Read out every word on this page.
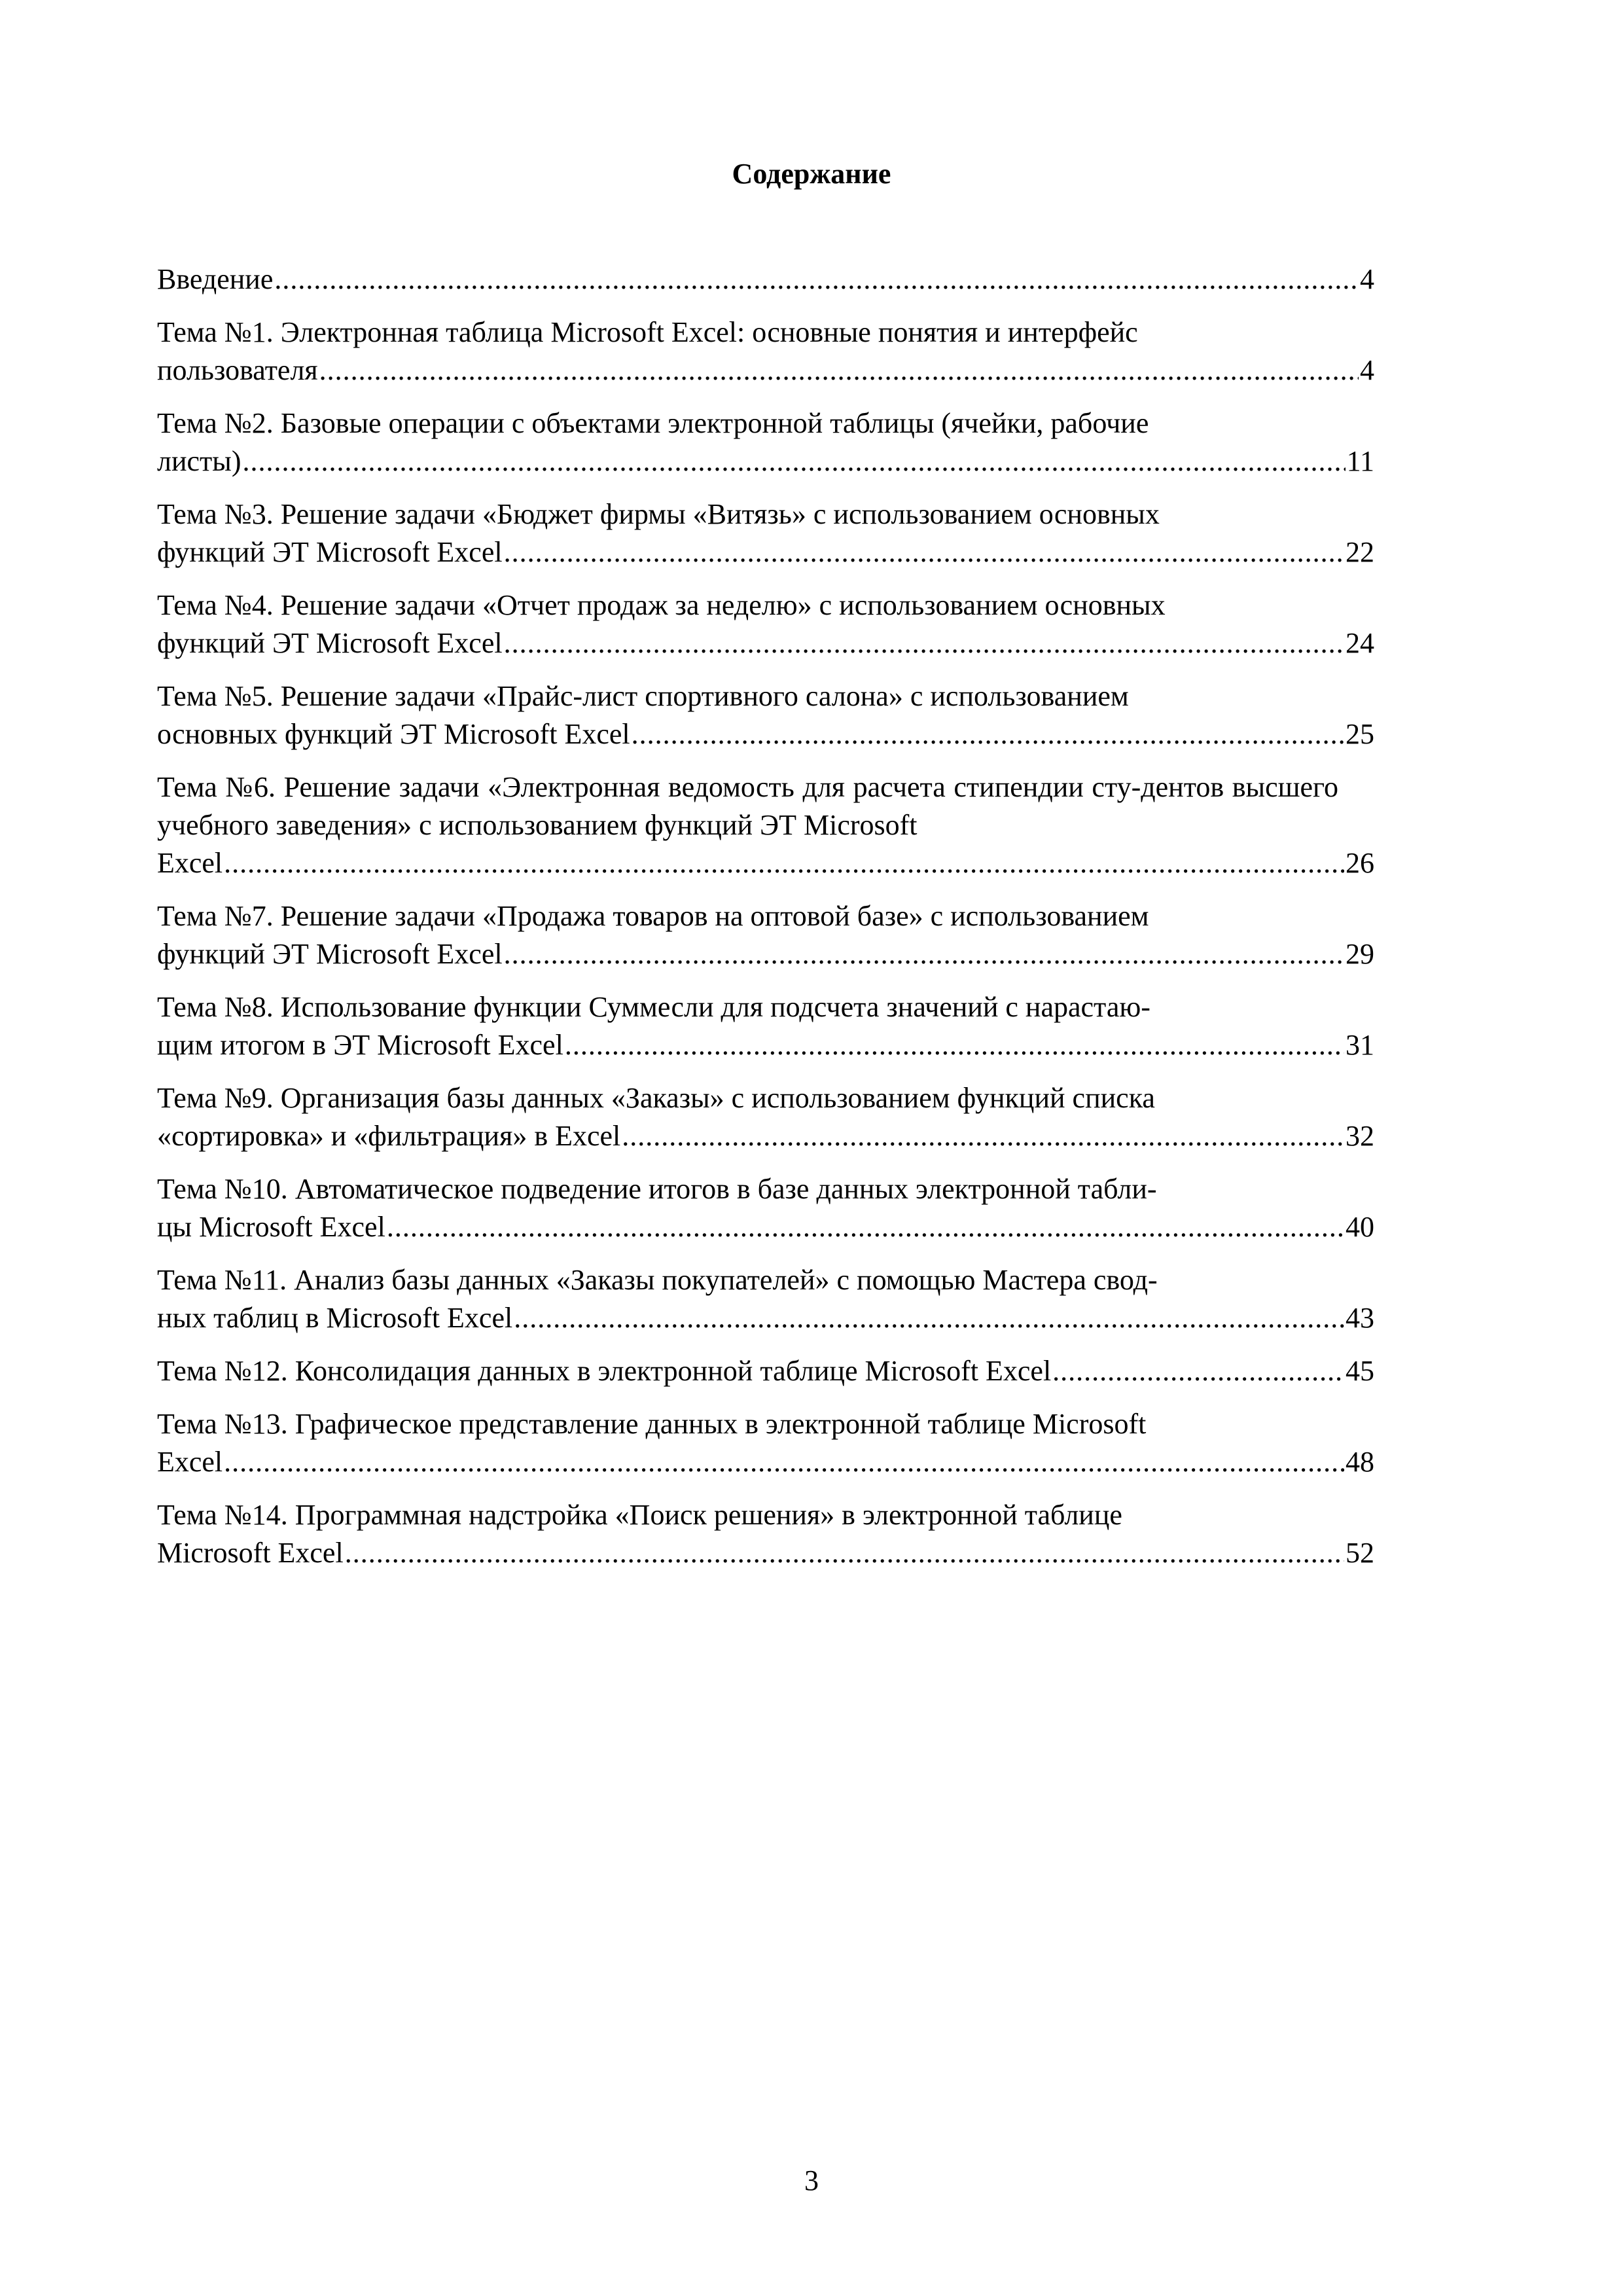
Содержание
Введение .....	4
Тема №1. Электронная таблица Microsoft Excel: основные понятия и интерфейс
пользователя .....	4
Тема №2. Базовые операции с объектами электронной таблицы (ячейки, рабочие
листы) .....	11
Тема №3. Решение задачи «Бюджет фирмы «Витязь» с использованием основных
функций ЭТ Microsoft Excel .....	22
Тема №4. Решение задачи «Отчет продаж за неделю» с использованием основных
функций ЭТ Microsoft Excel .....	24
Тема №5. Решение задачи «Прайс-лист спортивного салона» с использованием
основных функций ЭТ Microsoft Excel .....	25
Тема №6. Решение задачи «Электронная ведомость для расчета стипендии сту-дентов высшего учебного заведения» с использованием функций ЭТ Microsoft
Excel .....	26
Тема №7. Решение задачи «Продажа товаров на оптовой базе» с использованием
функций ЭТ Microsoft Excel .....	29
Тема №8. Использование функции Суммесли для подсчета значений с нарастаю-
щим итогом в ЭТ Microsoft Excel .....	31
Тема №9. Организация базы данных «Заказы» с использованием функций списка
«сортировка» и «фильтрация» в Excel .....	32
Тема №10. Автоматическое подведение итогов в базе данных электронной табли-
цы Microsoft Excel .....	40
Тема №11. Анализ базы данных «Заказы покупателей» с помощью Мастера свод-
ных таблиц в Microsoft Excel .....	43
Тема №12. Консолидация данных в электронной таблице Microsoft Excel .....	45
Тема №13. Графическое представление данных в электронной таблице Microsoft
Excel .....	48
Тема №14. Программная надстройка «Поиск решения» в электронной таблице
Microsoft Excel .....	52
3
